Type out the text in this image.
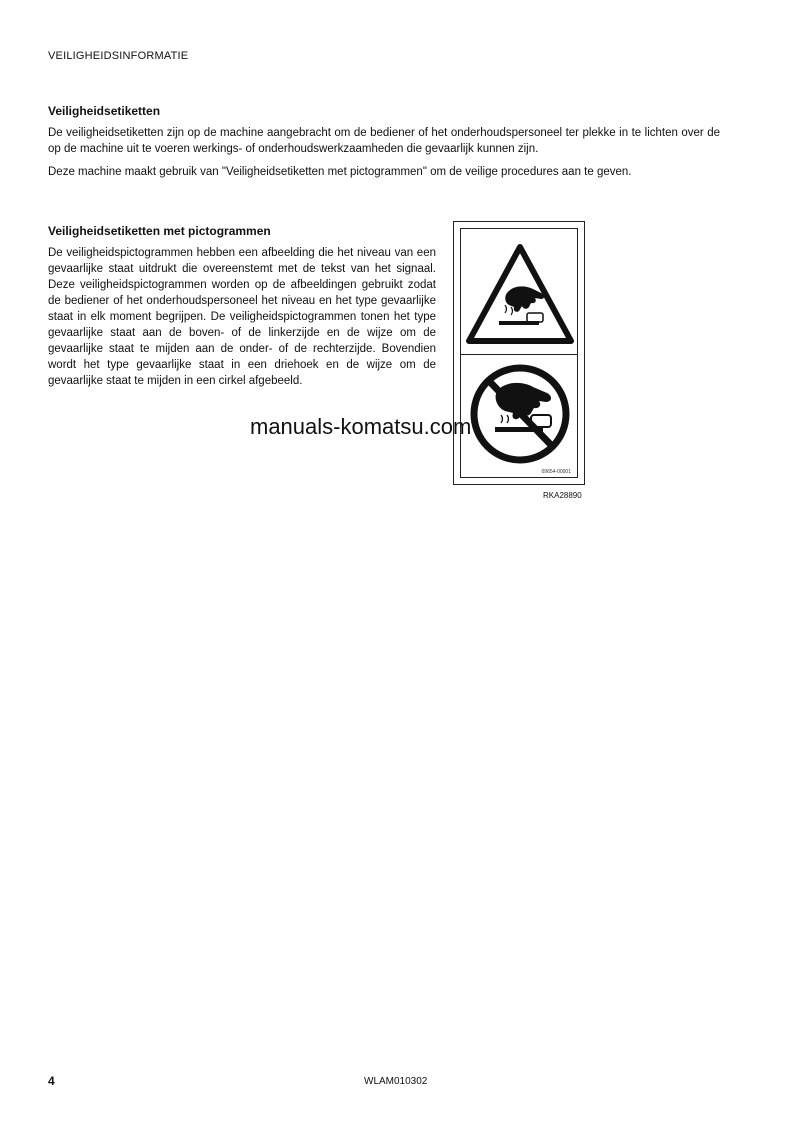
VEILIGHEIDSINFORMATIE
Veiligheidsetiketten

De veiligheidsetiketten zijn op de machine aangebracht om de bediener of het onderhoudspersoneel ter plekke in te lichten over de op de machine uit te voeren werkings- of onderhoudswerkzaamheden die gevaarlijk kunnen zijn.

Deze machine maakt gebruik van "Veiligheidsetiketten met pictogrammen" om de veilige procedures aan te geven.

Veiligheidsetiketten met pictogrammen

De veiligheidspictogrammen hebben een afbeelding die het niveau van een gevaarlijke staat uitdrukt die overeenstemt met de tekst van het signaal. Deze veiligheidspictogrammen worden op de afbeeldingen gebruikt zodat de bediener of het onderhoudspersoneel het niveau en het type gevaarlijke staat in elk moment begrijpen. De veiligheidspictogrammen tonen het type gevaarlijke staat aan de boven- of de linkerzijde en de wijze om de gevaarlijke staat te mijden aan de onder- of de rechterzijde. Bovendien wordt het type gevaarlijke staat in een driehoek en de wijze om de gevaarlijke staat te mijden in een cirkel afgebeeld.

09654-00001
RKA28890
manuals-komatsu.com
4	WLAM010302
